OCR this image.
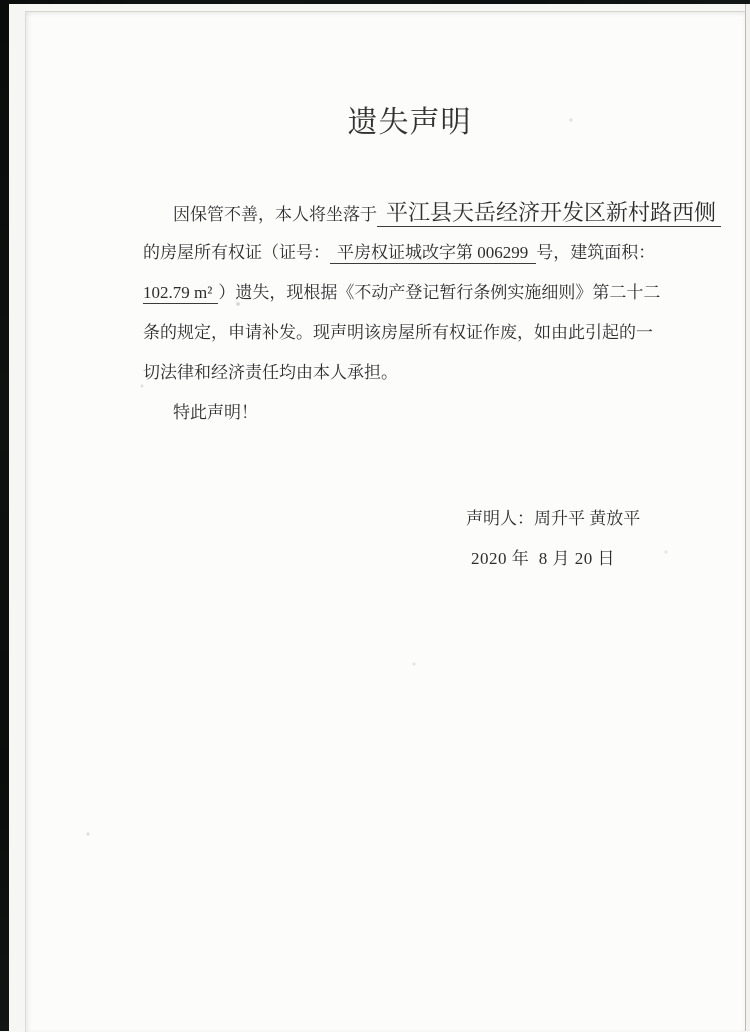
遗失声明

因保管不善，本人将坐落于 平江县天岳经济开发区新村路西侧

的房屋所有权证（证号： 平房权证城改字第 006299 号，建筑面积：

102.79 m² ）遗失，现根据《不动产登记暂行条例实施细则》第二十二

条的规定，申请补发。现声明该房屋所有权证作废，如由此引起的一

切法律和经济责任均由本人承担。

特此声明！

声明人：周升平 黄放平

2020 年  8 月 20 日
